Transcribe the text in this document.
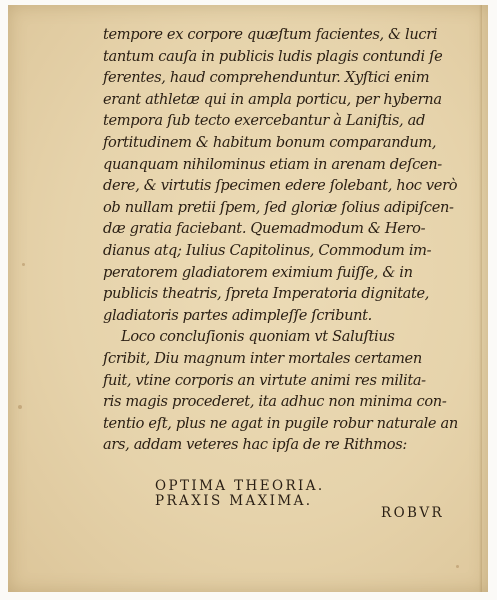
tempore ex corpore quæſtum facientes, & lucri
tantum cauſa in publicis ludis plagis contundi ſe
ferentes, haud comprehenduntur. Xyſtici enim
erant athletæ qui in ampla porticu, per hyberna
tempora ſub tecto exercebantur à Laniſtis, ad
fortitudinem & habitum bonum comparandum,
quanquam nihilominus etiam in arenam deſcen-
dere, & virtutis ſpecimen edere ſolebant, hoc verò
ob nullam pretii ſpem, ſed gloriæ ſolius adipiſcen-
dæ gratia faciebant. Quemadmodum & Hero-
dianus atq; Iulius Capitolinus, Commodum im-
peratorem gladiatorem eximium fuiſſe, & in
publicis theatris, ſpreta Imperatoria dignitate,
gladiatoris partes adimpleſſe ſcribunt.
Loco concluſionis quoniam vt Saluſtius
ſcribit, Diu magnum inter mortales certamen
fuit, vtine corporis an virtute animi res milita-
ris magis procederet, ita adhuc non minima con-
tentio eſt, plus ne agat in pugile robur naturale an
ars, addam veteres hac ipſa de re Rithmos:
OPTIMA THEORIA.
PRAXIS MAXIMA.
ROBVR
